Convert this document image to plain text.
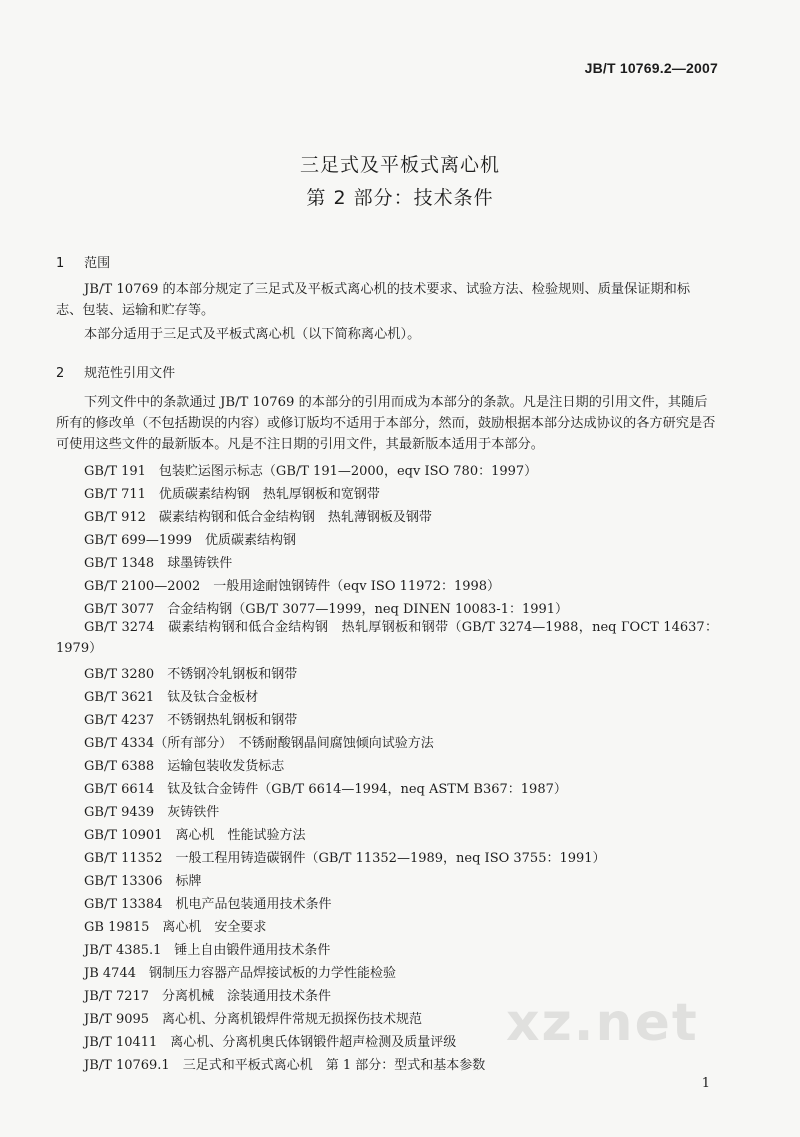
JB/T 10769.2—2007
三足式及平板式离心机
第 2 部分：技术条件
1 范围
JB/T 10769 的本部分规定了三足式及平板式离心机的技术要求、试验方法、检验规则、质量保证期和标志、包装、运输和贮存等。
本部分适用于三足式及平板式离心机（以下简称离心机）。
2 规范性引用文件
下列文件中的条款通过 JB/T 10769 的本部分的引用而成为本部分的条款。凡是注日期的引用文件，其随后所有的修改单（不包括勘误的内容）或修订版均不适用于本部分，然而，鼓励根据本部分达成协议的各方研究是否可使用这些文件的最新版本。凡是不注日期的引用文件，其最新版本适用于本部分。
GB/T 191　包装贮运图示标志（GB/T 191—2000，eqv ISO 780：1997）
GB/T 711　优质碳素结构钢　热轧厚钢板和宽钢带
GB/T 912　碳素结构钢和低合金结构钢　热轧薄钢板及钢带
GB/T 699—1999　优质碳素结构钢
GB/T 1348　球墨铸铁件
GB/T 2100—2002　一般用途耐蚀钢铸件（eqv ISO 11972：1998）
GB/T 3077　合金结构钢（GB/T 3077—1999，neq DINEN 10083-1：1991）
GB/T 3274　碳素结构钢和低合金结构钢　热轧厚钢板和钢带（GB/T 3274—1988，neq ГОСТ 14637：1979）
GB/T 3280　不锈钢冷轧钢板和钢带
GB/T 3621　钛及钛合金板材
GB/T 4237　不锈钢热轧钢板和钢带
GB/T 4334（所有部分）　不锈耐酸钢晶间腐蚀倾向试验方法
GB/T 6388　运输包装收发货标志
GB/T 6614　钛及钛合金铸件（GB/T 6614—1994，neq ASTM B367：1987）
GB/T 9439　灰铸铁件
GB/T 10901　离心机　性能试验方法
GB/T 11352　一般工程用铸造碳钢件（GB/T 11352—1989，neq ISO 3755：1991）
GB/T 13306　标牌
GB/T 13384　机电产品包装通用技术条件
GB 19815　离心机　安全要求
JB/T 4385.1　锤上自由锻件通用技术条件
JB 4744　钢制压力容器产品焊接试板的力学性能检验
JB/T 7217　分离机械　涂装通用技术条件
JB/T 9095　离心机、分离机锻焊件常规无损探伤技术规范
JB/T 10411　离心机、分离机奥氏体钢锻件超声检测及质量评级
JB/T 10769.1　三足式和平板式离心机　第 1 部分：型式和基本参数
xz.net
1
